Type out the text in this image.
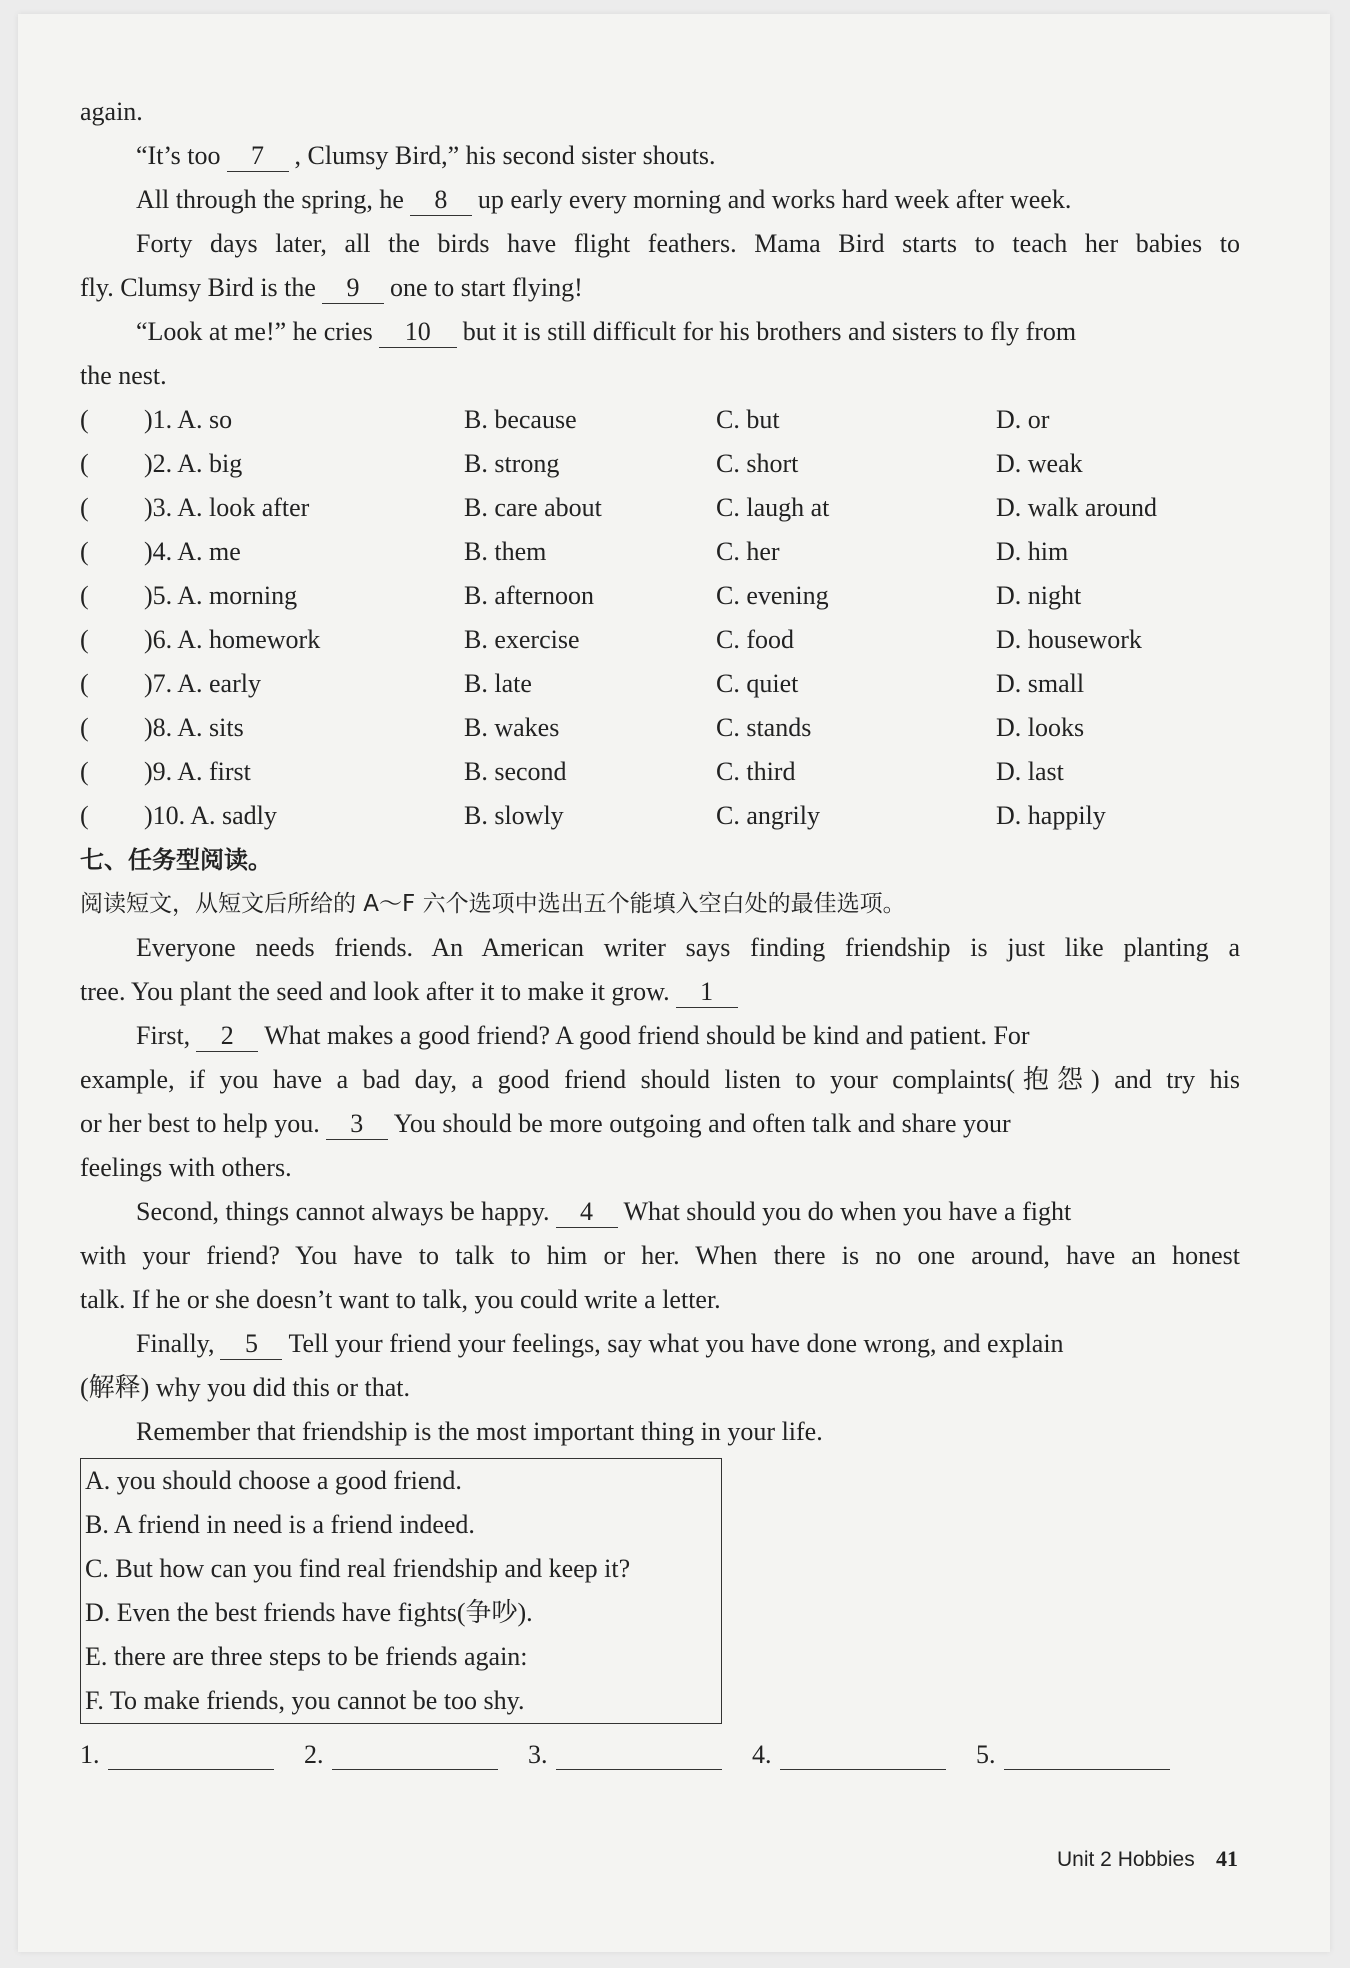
again.
“It’s too 7 , Clumsy Bird,” his second sister shouts.
All through the spring, he 8 up early every morning and works hard week after week.
Forty days later, all the birds have flight feathers. Mama Bird starts to teach her babies to
fly. Clumsy Bird is the 9 one to start flying!
“Look at me!” he cries 10 but it is still difficult for his brothers and sisters to fly from
the nest.
( )1. A. so	B. because	C. but	D. or
( )2. A. big	B. strong	C. short	D. weak
( )3. A. look after	B. care about	C. laugh at	D. walk around
( )4. A. me	B. them	C. her	D. him
( )5. A. morning	B. afternoon	C. evening	D. night
( )6. A. homework	B. exercise	C. food	D. housework
( )7. A. early	B. late	C. quiet	D. small
( )8. A. sits	B. wakes	C. stands	D. looks
( )9. A. first	B. second	C. third	D. last
( )10. A. sadly	B. slowly	C. angrily	D. happily
七、任务型阅读。
阅读短文，从短文后所给的 A～F 六个选项中选出五个能填入空白处的最佳选项。
Everyone needs friends. An American writer says finding friendship is just like planting a
tree. You plant the seed and look after it to make it grow. 1
First, 2 What makes a good friend? A good friend should be kind and patient. For
example, if you have a bad day, a good friend should listen to your complaints(抱怨) and try his
or her best to help you. 3 You should be more outgoing and often talk and share your
feelings with others.
Second, things cannot always be happy. 4 What should you do when you have a fight
with your friend? You have to talk to him or her. When there is no one around, have an honest
talk. If he or she doesn’t want to talk, you could write a letter.
Finally, 5 Tell your friend your feelings, say what you have done wrong, and explain
(解释) why you did this or that.
Remember that friendship is the most important thing in your life.
A. you should choose a good friend.
B. A friend in need is a friend indeed.
C. But how can you find real friendship and keep it?
D. Even the best friends have fights(争吵).
E. there are three steps to be friends again:
F. To make friends, you cannot be too shy.
1.	2.	3.	4.	5.
Unit 2 Hobbies 41
